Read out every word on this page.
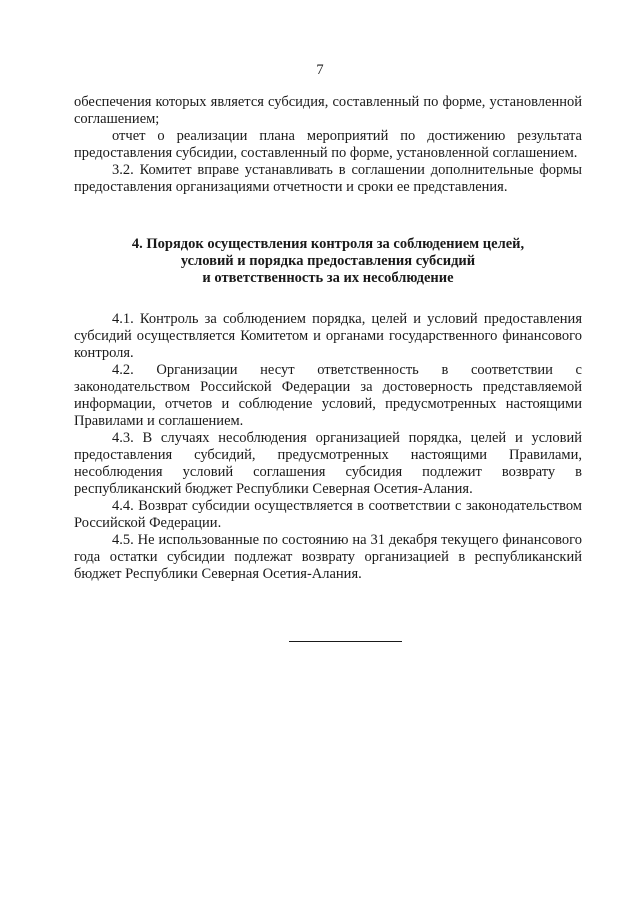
7

обеспечения которых является субсидия, составленный по форме, установленной соглашением;

отчет о реализации плана мероприятий по достижению результата предоставления субсидии, составленный по форме, установленной соглашением.

3.2. Комитет вправе устанавливать в соглашении дополнительные формы предоставления организациями отчетности и сроки ее представления.

4. Порядок осуществления контроля за соблюдением целей,
условий и порядка предоставления субсидий
и ответственность за их несоблюдение

4.1. Контроль за соблюдением порядка, целей и условий предоставления субсидий осуществляется Комитетом и органами государственного финансового контроля.

4.2. Организации несут ответственность в соответствии с законодательством Российской Федерации за достоверность представляемой информации, отчетов и соблюдение условий, предусмотренных настоящими Правилами и соглашением.

4.3. В случаях несоблюдения организацией порядка, целей и условий предоставления субсидий, предусмотренных настоящими Правилами, несоблюдения условий соглашения субсидия подлежит возврату в республиканский бюджет Республики Северная Осетия-Алания.

4.4. Возврат субсидии осуществляется в соответствии с законодательством Российской Федерации.

4.5. Не использованные по состоянию на 31 декабря текущего финансового года остатки субсидии подлежат возврату организацией в республиканский бюджет Республики Северная Осетия-Алания.
